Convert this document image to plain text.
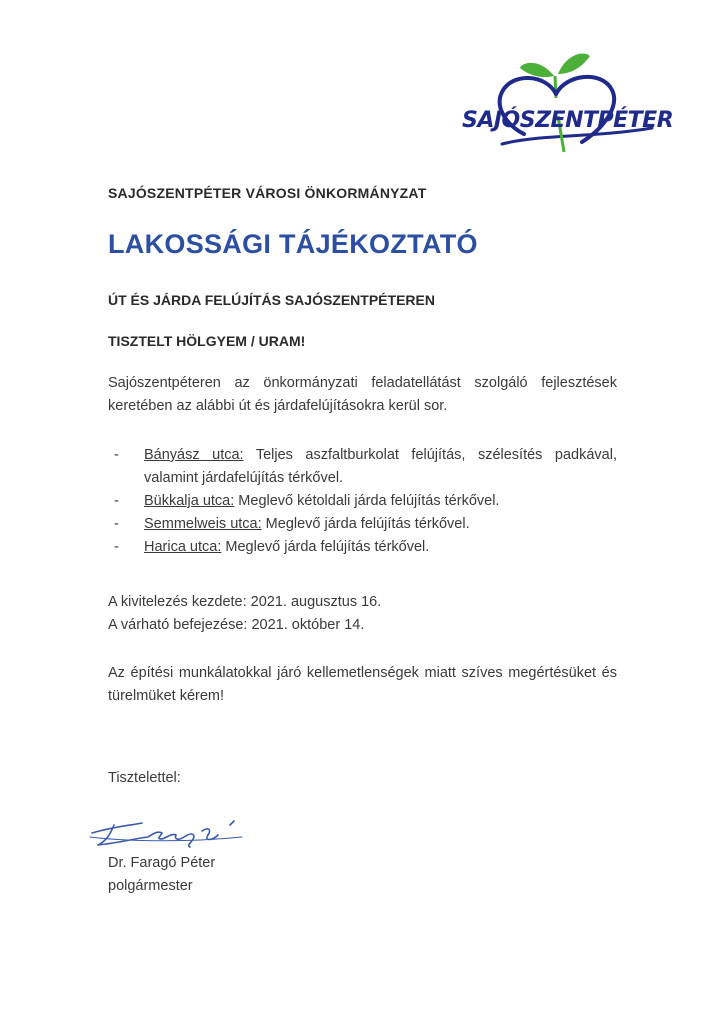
SAJÓSZENTPÉTER
SAJÓSZENTPÉTER VÁROSI ÖNKORMÁNYZAT
LAKOSSÁGI TÁJÉKOZTATÓ
ÚT ÉS JÁRDA FELÚJÍTÁS SAJÓSZENTPÉTEREN
TISZTELT HÖLGYEM / URAM!
Sajószentpéteren az önkormányzati feladatellátást szolgáló fejlesztések keretében az alábbi út és járdafelújításokra kerül sor.
- Bányász utca: Teljes aszfaltburkolat felújítás, szélesítés padkával, valamint járdafelújítás térkővel.
- Bükkalja utca: Meglevő kétoldali járda felújítás térkővel.
- Semmelweis utca: Meglevő járda felújítás térkővel.
- Harica utca: Meglevő járda felújítás térkővel.
A kivitelezés kezdete: 2021. augusztus 16.
A várható befejezése: 2021. október 14.
Az építési munkálatokkal járó kellemetlenségek miatt szíves megértésüket és türelmüket kérem!
Tisztelettel:
Dr. Faragó Péter
polgármester
